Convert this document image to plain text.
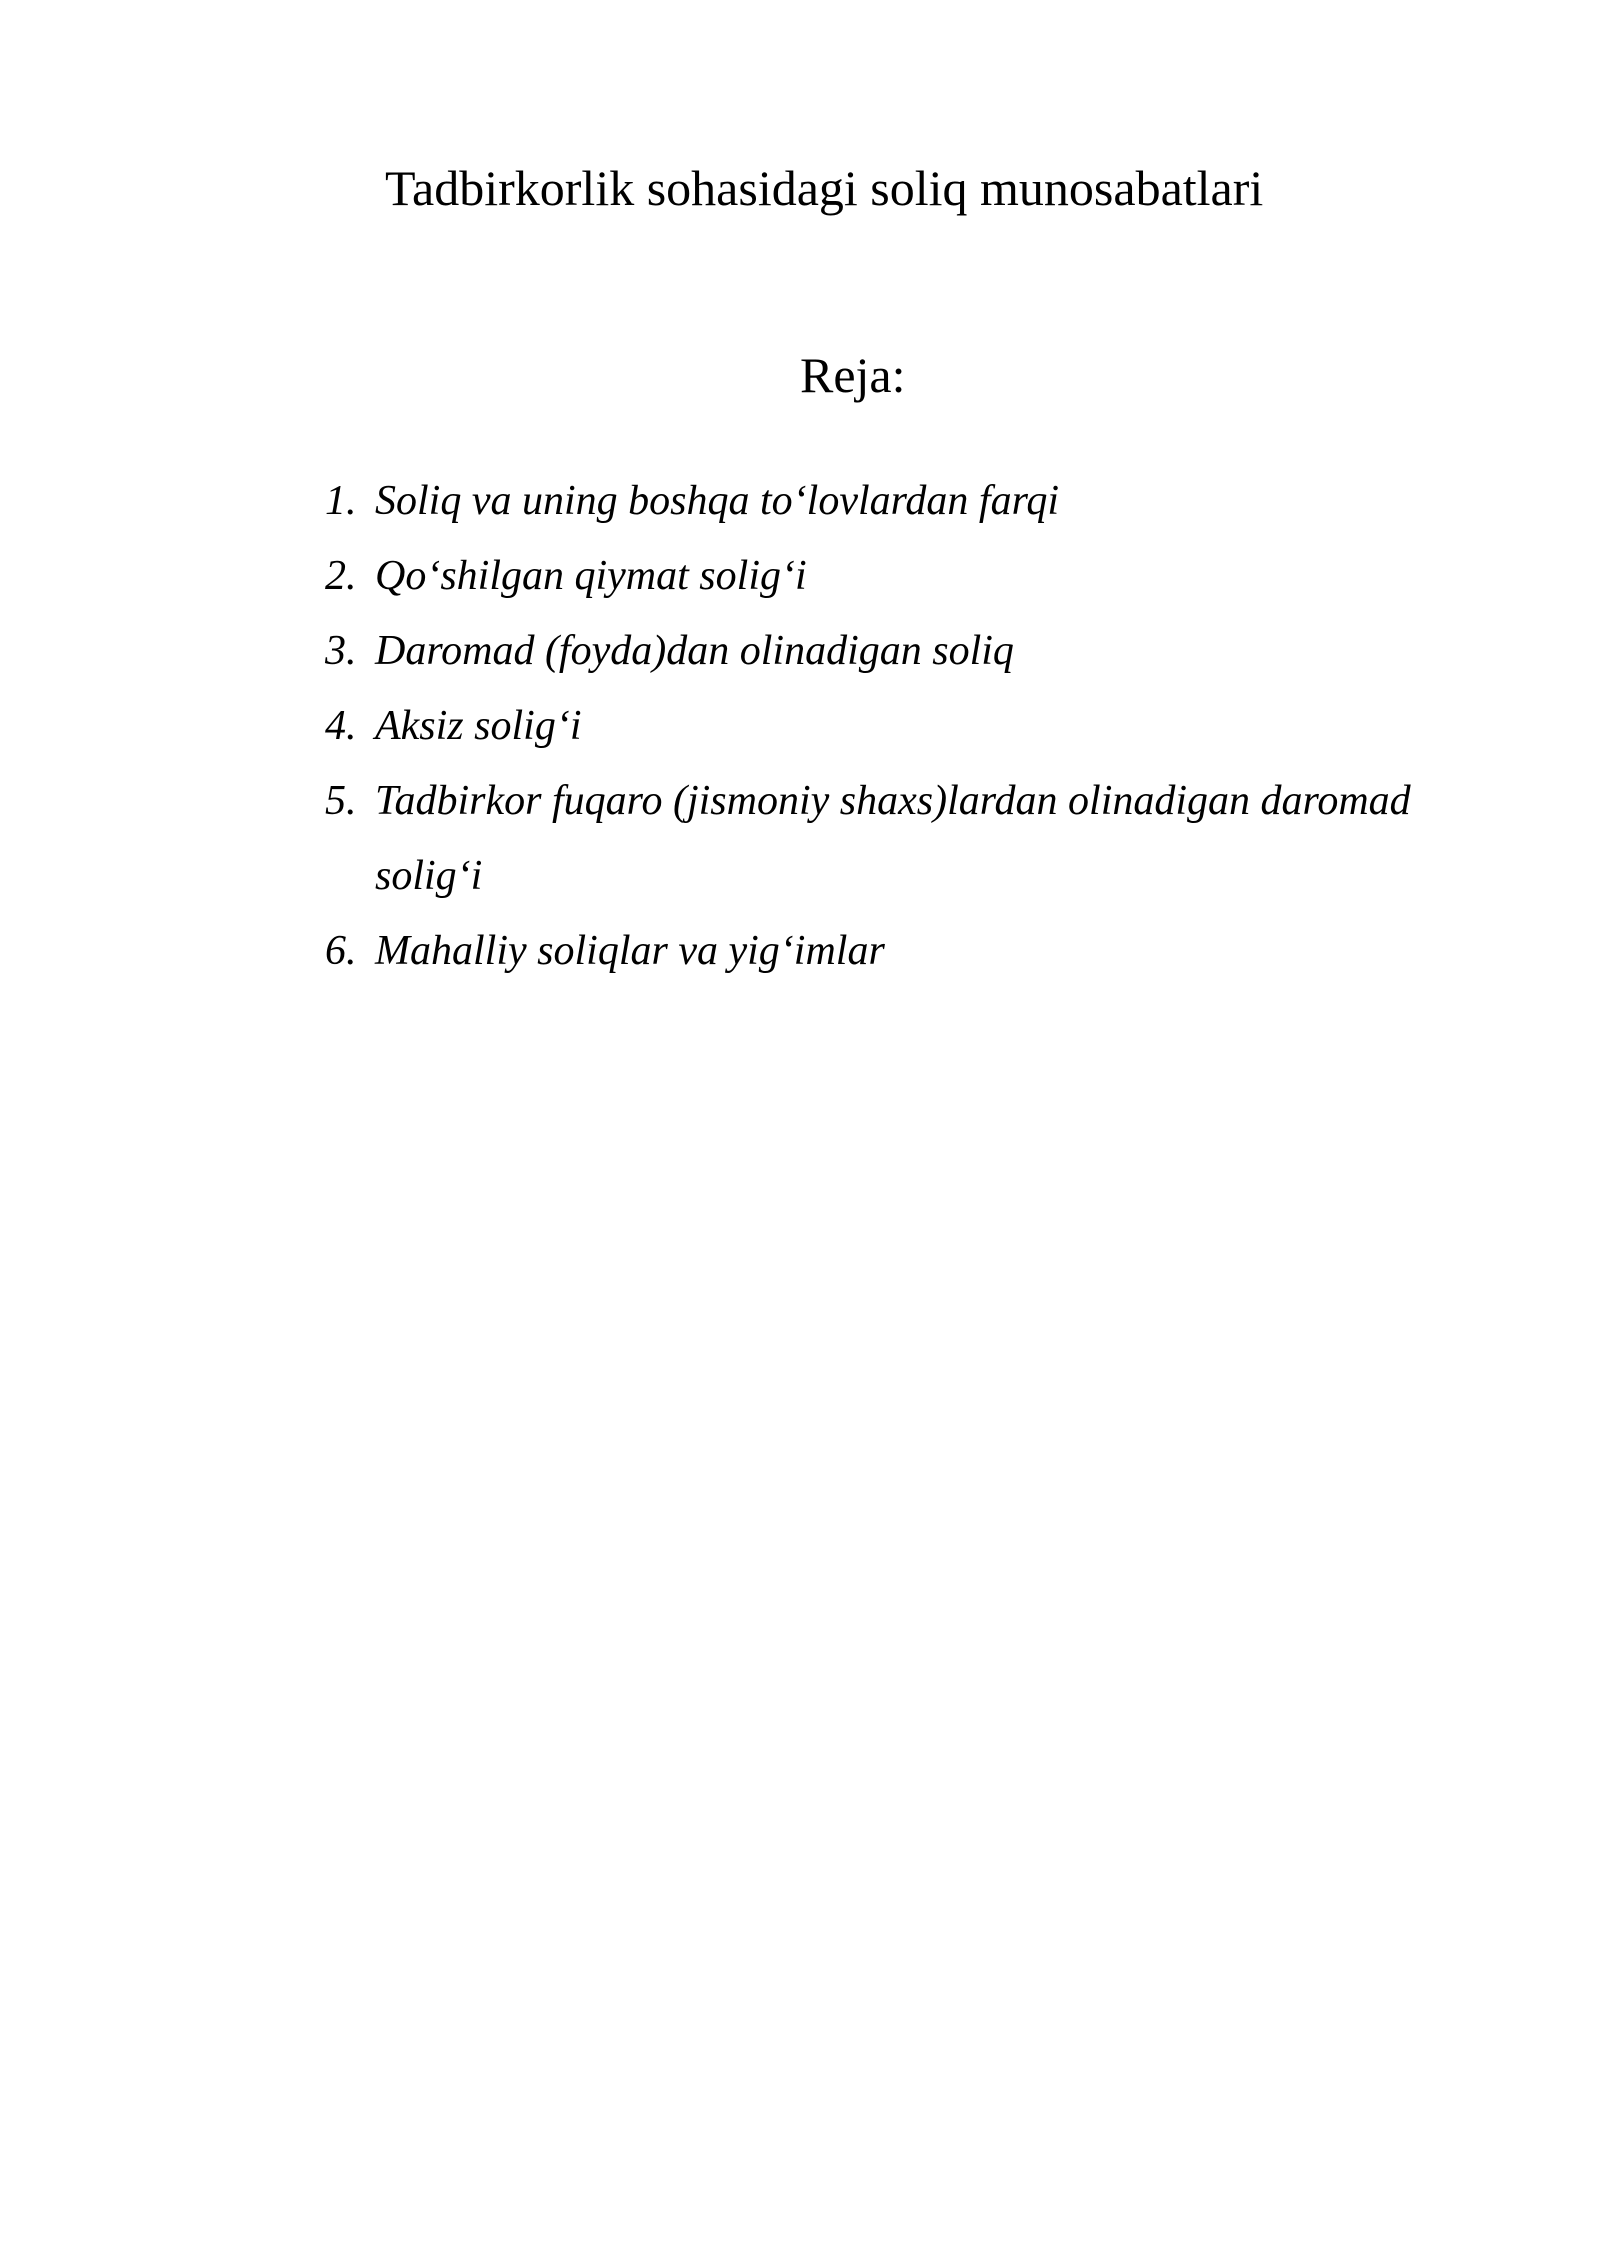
Tadbirkorlik sohasidagi soliq munosabatlari
Reja:
1. Soliq va uning boshqa to‘lovlardan farqi
2. Qo‘shilgan qiymat solig‘i
3. Daromad (foyda)dan olinadigan soliq
4. Aksiz solig‘i
5. Tadbirkor fuqaro (jismoniy shaxs)lardan olinadigan daromad solig‘i
6. Mahalliy soliqlar va yig‘imlar
